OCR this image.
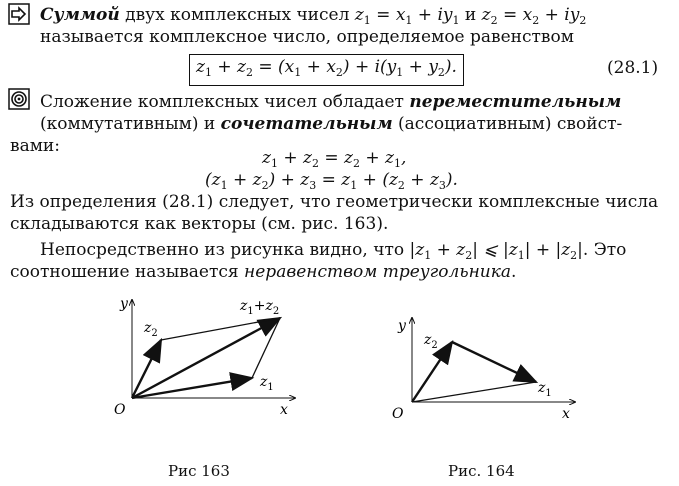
Суммой двух комплексных чисел $z_1 = x_1 + iy_1$ и $z_2 = x_2 + iy_2$
называется комплексное число, определяемое равенством
$z_1 + z_2 = (x_1 + x_2) + i(y_1 + y_2)$.	(28.1)
Сложение комплексных чисел обладает переместительным
(коммутативным) и сочетательным (ассоциативным) свойст-
вами:
$z_1 + z_2 = z_2 + z_1$,
$(z_1 + z_2) + z_3 = z_1 + (z_2 + z_3)$.
Из определения (28.1) следует, что геометрически комплексные числа
складываются как векторы (см. рис. 163).
Непосредственно из рисунка видно, что $|z_1 + z_2|$ ⩽ $|z_1| + |z_2|$. Это
соотношение называется неравенством треугольника.
O
y
x
$z_2$
$z_1$
$z_1+z_2$
Рис 163
O
y
x
$z_2$
$z_1$
Рис. 164
